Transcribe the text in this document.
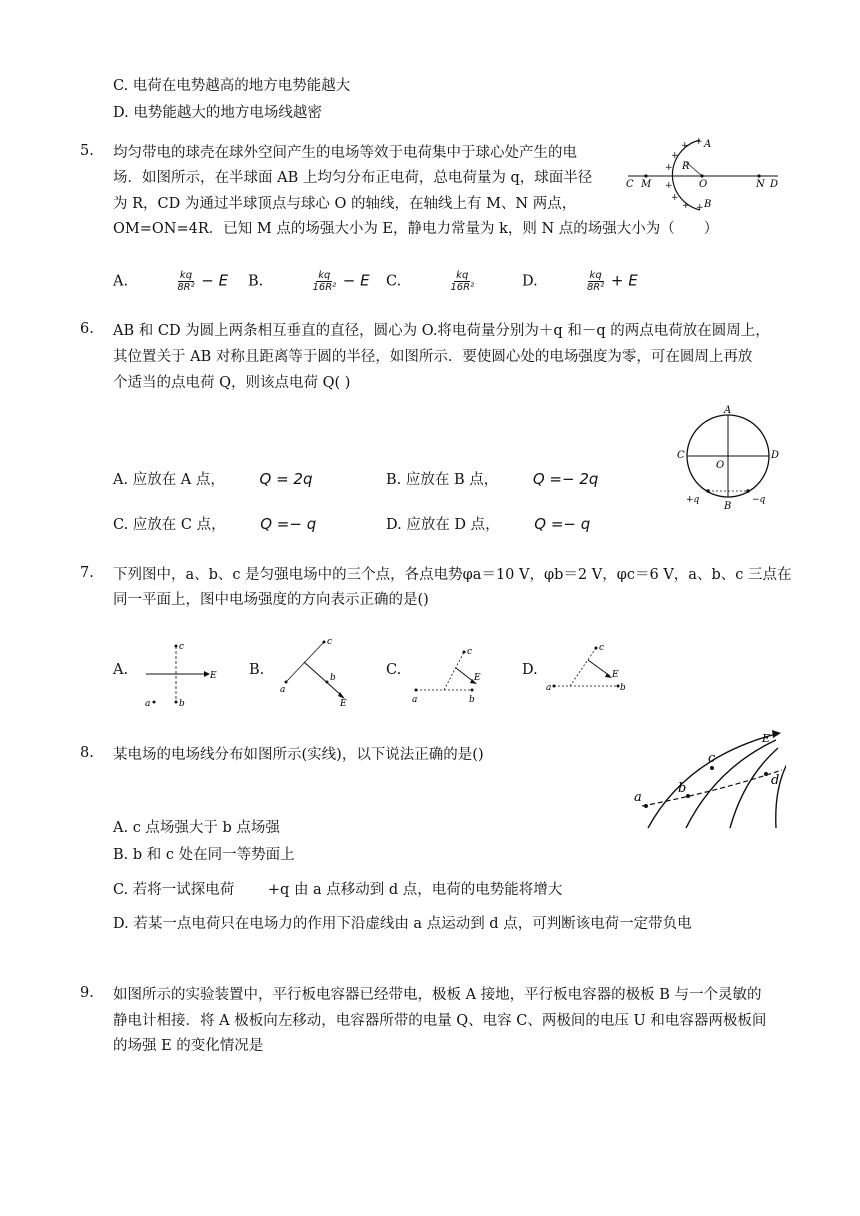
C. 电荷在电势越高的地方电势能越大
D. 电势能越大的地方电场线越密
5. 均匀带电的球壳在球外空间产生的电场等效于电荷集中于球心处产生的电
场．如图所示，在半球面 AB 上均匀分布正电荷，总电荷量为 q，球面半径
为 R，CD 为通过半球顶点与球心 O 的轴线，在轴线上有 M、N 两点，
OM=ON=4R．已知 M 点的场强大小为 E，静电力常量为 k，则 N 点的场强大小为（　　）
+
+
+
+
+
+
+
+
A
B
R
C M	O	N D
A.	$\frac{kq}{\text{8R²}} - E$ B.	$\frac{kq}{\text{16R²}} - E$ C.	$\frac{kq}{\text{16R²}}$	D.	$\frac{kq}{\text{8R²}} + E$
6. AB 和 CD 为圆上两条相互垂直的直径，圆心为 O.将电荷量分别为＋q 和－q 的两点电荷放在圆周上，
其位置关于 AB 对称且距离等于圆的半径，如图所示．要使圆心处的电场强度为零，可在圆周上再放
个适当的点电荷 Q，则该点电荷 Q( )
A
B
C	D
O
+q	−q
A. 应放在 A 点， Q = 2q	B. 应放在 B 点， Q =− 2q
C. 应放在 C 点， Q =− q	D. 应放在 D 点， Q =− q
7. 下列图中，a、b、c 是匀强电场中的三个点，各点电势φa＝10 V，φb＝2 V，φc＝6 V，a、b、c 三点在
同一平面上，图中电场强度的方向表示正确的是()
A.
c
b
a
E B.
c
a
b
E
C.
c
a	b
E	D.
c
a	b
E
8. 某电场的电场线分布如图所示(实线)，以下说法正确的是()
a
b
c
d
E
A. c 点场强大于 b 点场强
B. b 和 c 处在同一等势面上
C. 若将一试探电荷　　 +q 由 a 点移动到 d 点，电荷的电势能将增大
D. 若某一点电荷只在电场力的作用下沿虚线由 a 点运动到 d 点，可判断该电荷一定带负电
9. 如图所示的实验装置中，平行板电容器已经带电，极板 A 接地，平行板电容器的极板 B 与一个灵敏的
静电计相接．将 A 极板向左移动，电容器所带的电量 Q、电容 C、两极间的电压 U 和电容器两极板间
的场强 E 的变化情况是
